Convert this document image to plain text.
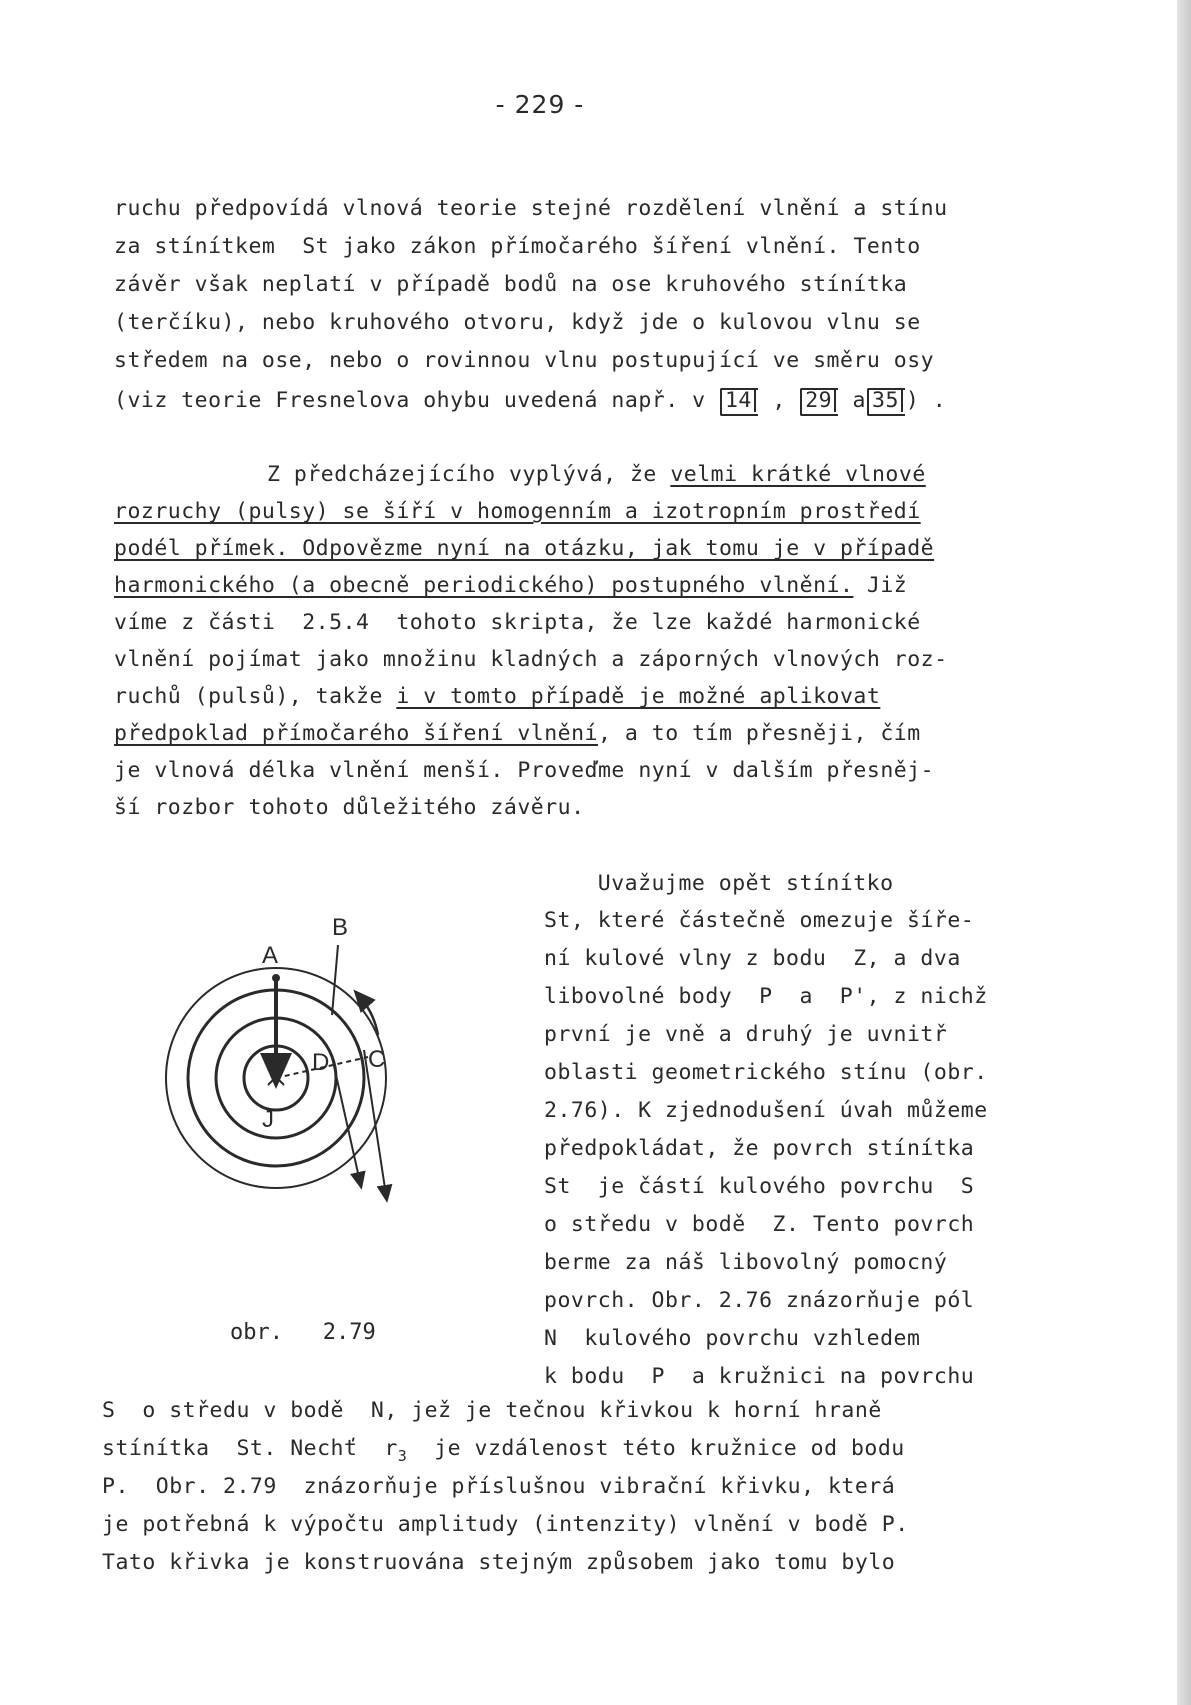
- 229 -
ruchu předpovídá vlnová teorie stejné rozdělení vlnění a stínu
za stínítkem  St jako zákon přímočarého šíření vlnění. Tento
závěr však neplatí v případě bodů na ose kruhového stínítka
(terčíku), nebo kruhového otvoru, když jde o kulovou vlnu se
středem na ose, nebo o rovinnou vlnu postupující ve směru osy
(viz teorie Fresnelova ohybu uvedená např. v 14 , 29 a 35 ) .
Z předcházejícího vyplývá, že velmi krátké vlnové
rozruchy (pulsy) se šíří v homogenním a izotropním prostředí
podél přímek. Odpovězme nyní na otázku, jak tomu je v případě
harmonického (a obecně periodického) postupného vlnění. Již
víme z části  2.5.4  tohoto skripta, že lze každé harmonické
vlnění pojímat jako množinu kladných a záporných vlnových roz-
ruchů (pulsů), takže i v tomto případě je možné aplikovat
předpoklad přímočarého šíření vlnění, a to tím přesněji, čím
je vlnová délka vlnění menší. Proveďme nyní v dalším přesněj-
ší rozbor tohoto důležitého závěru.
Uvažujme opět stínítko
St, které částečně omezuje šíře-
ní kulové vlny z bodu  Z, a dva
libovolné body  P  a  P', z nichž
první je vně a druhý je uvnitř
oblasti geometrického stínu (obr.
2.76). K zjednodušení úvah můžeme
předpokládat, že povrch stínítka
St  je částí kulového povrchu  S
o středu v bodě  Z. Tento povrch
berme za náš libovolný pomocný
povrch. Obr. 2.76 znázorňuje pól
N  kulového povrchu vzhledem
k bodu  P  a kružnici na povrchu
A
B
C
D
J
obr.   2.79
S  o středu v bodě  N, jež je tečnou křivkou k horní hraně
stínítka  St. Nechť  $r_3$  je vzdálenost této kružnice od bodu
P.  Obr. 2.79  znázorňuje příslušnou vibrační křivku, která
je potřebná k výpočtu amplitudy (intenzity) vlnění v bodě P.
Tato křivka je konstruována stejným způsobem jako tomu bylo
